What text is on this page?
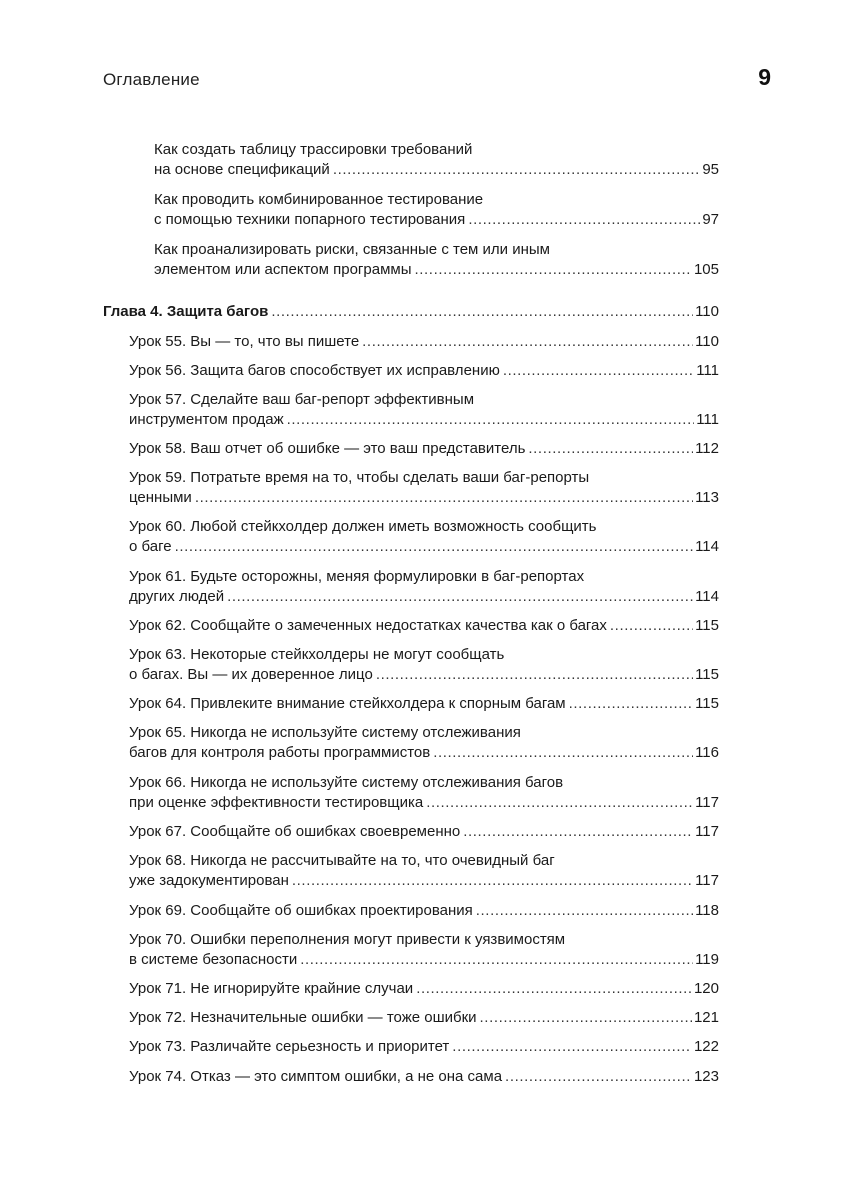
Оглавление	9
Как создать таблицу трассировки требований
на основе спецификаций .....	95
Как проводить комбинированное тестирование
с помощью техники попарного тестирования .....	97
Как проанализировать риски, связанные с тем или иным
элементом или аспектом программы .....	105
Глава 4. Защита багов .....	110
Урок 55. Вы — то, что вы пишете .....	110
Урок 56. Защита багов способствует их исправлению .....	111
Урок 57. Сделайте ваш баг-репорт эффективным
инструментом продаж .....	111
Урок 58. Ваш отчет об ошибке — это ваш представитель .....	112
Урок 59. Потратьте время на то, чтобы сделать ваши баг-репорты
ценными .....	113
Урок 60. Любой стейкхолдер должен иметь возможность сообщить
о баге .....	114
Урок 61. Будьте осторожны, меняя формулировки в баг-репортах
других людей .....	114
Урок 62. Сообщайте о замеченных недостатках качества как о багах .....	115
Урок 63. Некоторые стейкхолдеры не могут сообщать
о багах. Вы — их доверенное лицо .....	115
Урок 64. Привлеките внимание стейкхолдера к спорным багам .....	115
Урок 65. Никогда не используйте систему отслеживания
багов для контроля работы программистов .....	116
Урок 66. Никогда не используйте систему отслеживания багов
при оценке эффективности тестировщика .....	117
Урок 67. Сообщайте об ошибках своевременно .....	117
Урок 68. Никогда не рассчитывайте на то, что очевидный баг
уже задокументирован .....	117
Урок 69. Сообщайте об ошибках проектирования .....	118
Урок 70. Ошибки переполнения могут привести к уязвимостям
в системе безопасности .....	119
Урок 71. Не игнорируйте крайние случаи .....	120
Урок 72. Незначительные ошибки — тоже ошибки .....	121
Урок 73. Различайте серьезность и приоритет .....	122
Урок 74. Отказ — это симптом ошибки, а не она сама .....	123
